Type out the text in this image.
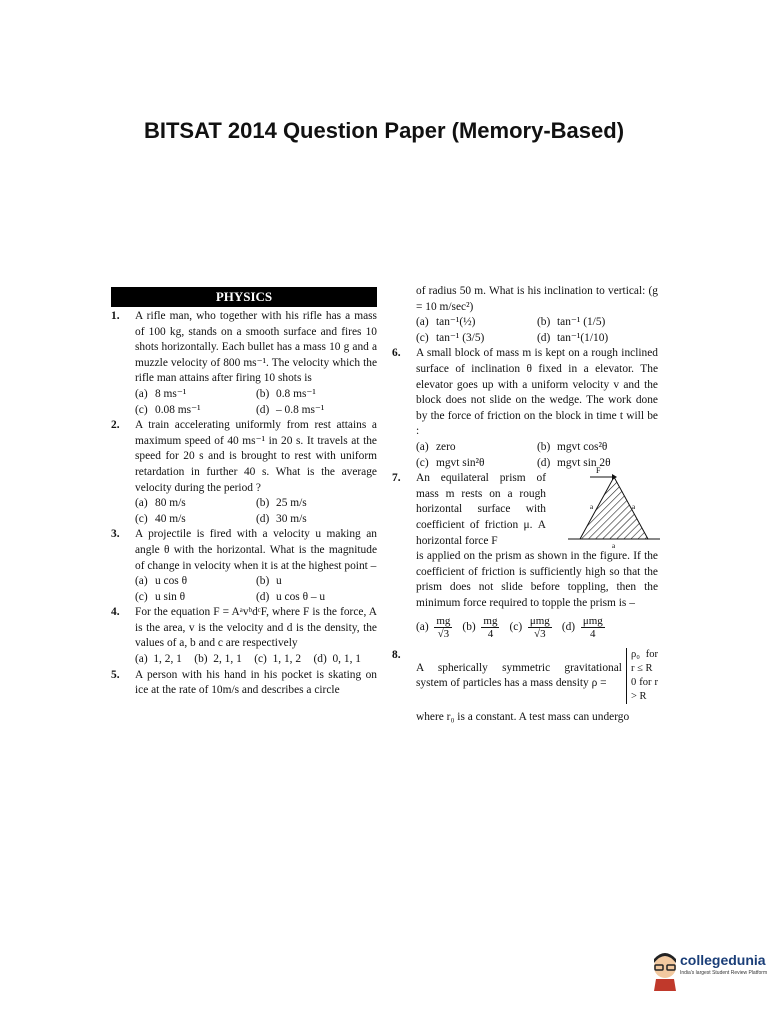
BITSAT 2014 Question Paper (Memory-Based)
PHYSICS
1. A rifle man, who together with his rifle has a mass of 100 kg, stands on a smooth surface and fires 10 shots horizontally. Each bullet has a mass 10 g and a muzzle velocity of 800 ms⁻¹. The velocity which the rifle man attains after firing 10 shots is
(a) 8 ms⁻¹	(b) 0.8 ms⁻¹
(c) 0.08 ms⁻¹	(d) – 0.8 ms⁻¹
2. A train accelerating uniformly from rest attains a maximum speed of 40 ms⁻¹ in 20 s. It travels at the speed for 20 s and is brought to rest with uniform retardation in further 40 s. What is the average velocity during the period ?
(a) 80 m/s	(b) 25 m/s
(c) 40 m/s	(d) 30 m/s
3. A projectile is fired with a velocity u making an angle θ with the horizontal. What is the magnitude of change in velocity when it is at the highest point –
(a) u cos θ	(b) u
(c) u sin θ	(d) u cos θ – u
4. For the equation F = AᵃvᵇdᶜF, where F is the force, A is the area, v is the velocity and d is the density, the values of a, b and c are respectively
(a) 1, 2, 1 (b) 2, 1, 1 (c) 1, 1, 2 (d) 0, 1, 1
5. A person with his hand in his pocket is skating on ice at the rate of 10m/s and describes a circle
of radius 50 m. What is his inclination to vertical: (g = 10 m/sec²)
(a) tan⁻¹(½)	(b) tan⁻¹ (1/5)
(c) tan⁻¹ (3/5)	(d) tan⁻¹(1/10)
6. A small block of mass m is kept on a rough inclined surface of inclination θ fixed in a elevator. The elevator goes up with a uniform velocity v and the block does not slide on the wedge. The work done by the force of friction on the block in time t will be :
(a) zero	(b) mgvt cos²θ
(c) mgvt sin²θ	(d) mgvt sin 2θ
7. An equilateral prism of mass m rests on a rough horizontal surface with coefficient of friction μ. A horizontal force F
F
a	a
a
is applied on the prism as shown in the figure. If the coefficient of friction is sufficiently high so that the prism does not slide before toppling, then the minimum force required to topple the prism is –
$(a) \frac{mg}{√3} (b) \frac{mg}{4} (c) \frac{\text{μmg}}{√3} (d) \frac{\text{μmg}}{4}$
8.
A spherically symmetric gravitational system of particles has a mass density ρ =
ρ₀ for r ≤ R
0 for r > R
where r₀ is a constant. A test mass can undergo
collegedunia
India's largest Student Review Platform
